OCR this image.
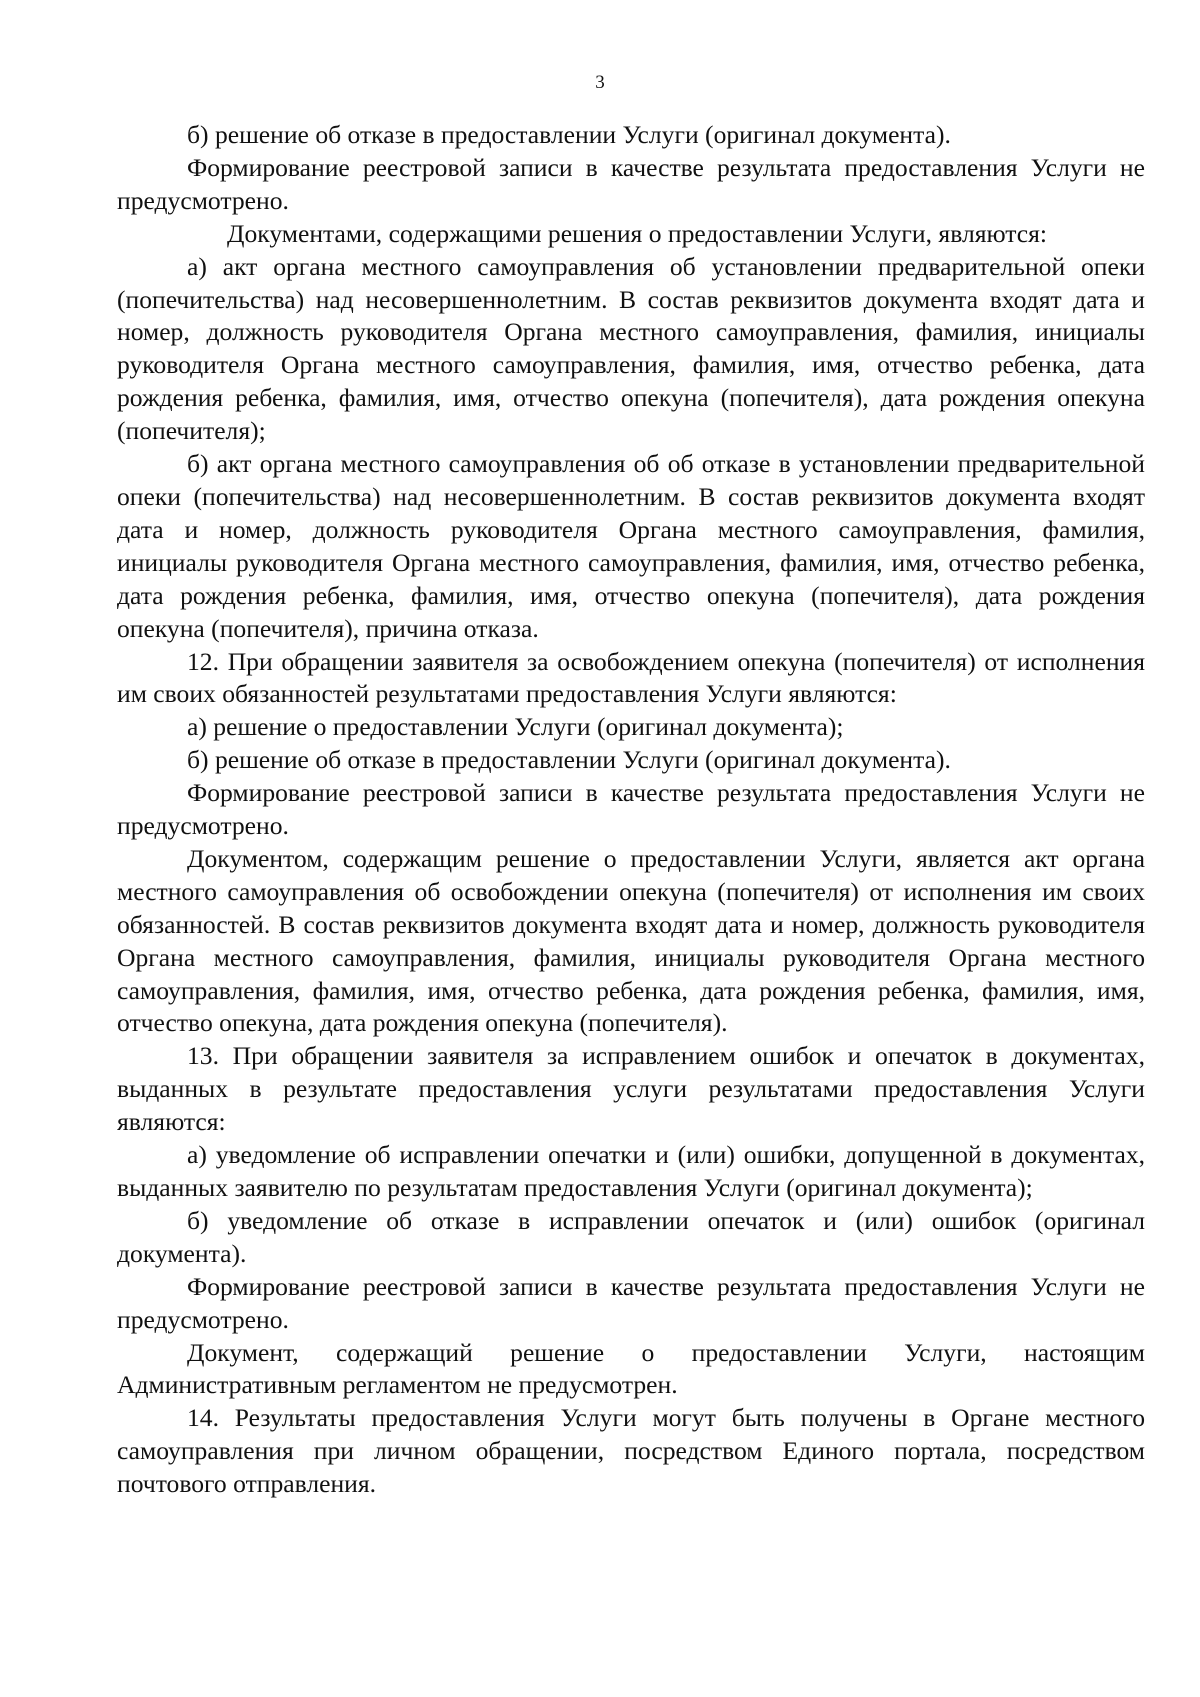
3

б) решение об отказе в предоставлении Услуги (оригинал документа).

Формирование реестровой записи в качестве результата предоставления Услуги не предусмотрено.

Документами, содержащими решения о предоставлении Услуги, являются:

а) акт органа местного самоуправления об установлении предварительной опеки (попечительства) над несовершеннолетним. В состав реквизитов документа входят дата и номер, должность руководителя Органа местного самоуправления, фамилия, инициалы руководителя Органа местного самоуправления, фамилия, имя, отчество ребенка, дата рождения ребенка, фамилия, имя, отчество опекуна (попечителя), дата рождения опекуна (попечителя);

б) акт органа местного самоуправления об об отказе в установлении предварительной опеки (попечительства) над несовершеннолетним. В состав реквизитов документа входят дата и номер, должность руководителя Органа местного самоуправления, фамилия, инициалы руководителя Органа местного самоуправления, фамилия, имя, отчество ребенка, дата рождения ребенка, фамилия, имя, отчество опекуна (попечителя), дата рождения опекуна (попечителя), причина отказа.

12. При обращении заявителя за освобождением опекуна (попечителя) от исполнения им своих обязанностей результатами предоставления Услуги являются:

а) решение о предоставлении Услуги (оригинал документа);

б) решение об отказе в предоставлении Услуги (оригинал документа).

Формирование реестровой записи в качестве результата предоставления Услуги не предусмотрено.

Документом, содержащим решение о предоставлении Услуги, является акт органа местного самоуправления об освобождении опекуна (попечителя) от исполнения им своих обязанностей. В состав реквизитов документа входят дата и номер, должность руководителя Органа местного самоуправления, фамилия, инициалы руководителя Органа местного самоуправления, фамилия, имя, отчество ребенка, дата рождения ребенка, фамилия, имя, отчество опекуна, дата рождения опекуна (попечителя).

13. При обращении заявителя за исправлением ошибок и опечаток в документах, выданных в результате предоставления услуги результатами предоставления Услуги являются:

а) уведомление об исправлении опечатки и (или) ошибки, допущенной в документах, выданных заявителю по результатам предоставления Услуги (оригинал документа);

б) уведомление об отказе в исправлении опечаток и (или) ошибок (оригинал документа).

Формирование реестровой записи в качестве результата предоставления Услуги не предусмотрено.

Документ, содержащий решение о предоставлении Услуги, настоящим Административным регламентом не предусмотрен.

14. Результаты предоставления Услуги могут быть получены в Органе местного самоуправления при личном обращении, посредством Единого портала, посредством почтового отправления.
